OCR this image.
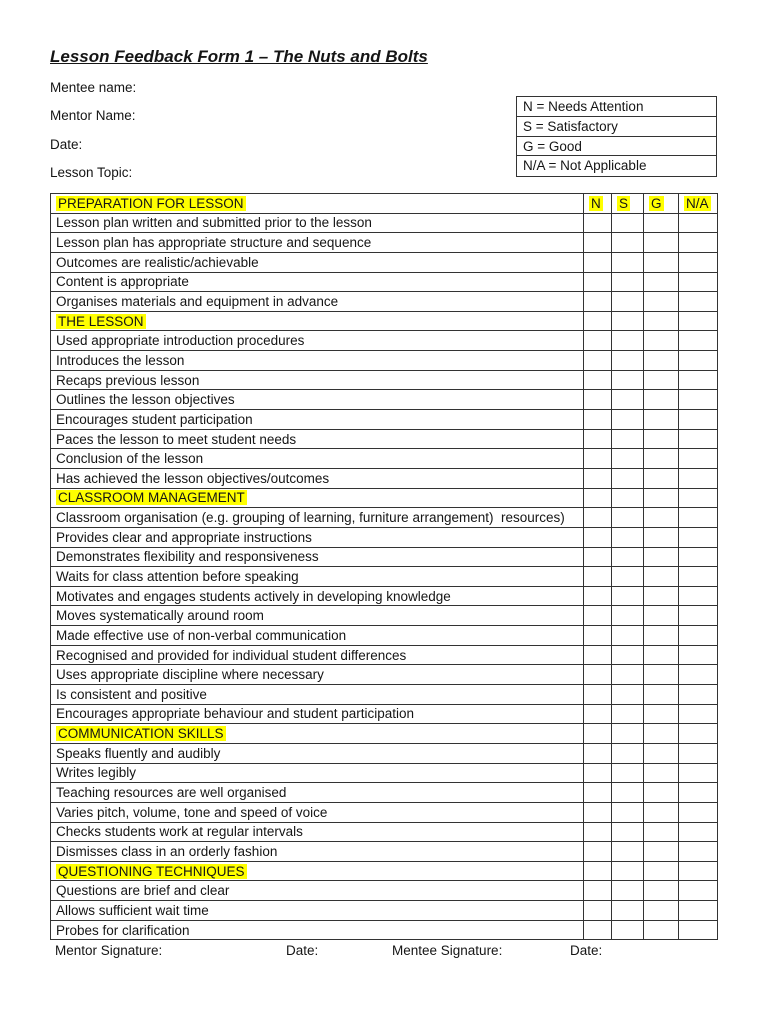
Lesson Feedback Form 1 – The Nuts and Bolts
Mentee name:
Mentor Name:
Date:
Lesson Topic:
N = Needs Attention
S = Satisfactory
G = Good
N/A = Not Applicable
PREPARATION FOR LESSON	N	S	G	N/A
Lesson plan written and submitted prior to the lesson				
Lesson plan has appropriate structure and sequence				
Outcomes are realistic/achievable				
Content is appropriate				
Organises materials and equipment in advance				
THE LESSON				
Used appropriate introduction procedures				
Introduces the lesson				
Recaps previous lesson				
Outlines the lesson objectives				
Encourages student participation				
Paces the lesson to meet student needs				
Conclusion of the lesson				
Has achieved the lesson objectives/outcomes				
CLASSROOM MANAGEMENT				
Classroom organisation (e.g. grouping of learning, furniture arrangement)  resources)				
Provides clear and appropriate instructions				
Demonstrates flexibility and responsiveness				
Waits for class attention before speaking				
Motivates and engages students actively in developing knowledge				
Moves systematically around room				
Made effective use of non-verbal communication				
Recognised and provided for individual student differences				
Uses appropriate discipline where necessary				
Is consistent and positive				
Encourages appropriate behaviour and student participation				
COMMUNICATION SKILLS				
Speaks fluently and audibly				
Writes legibly				
Teaching resources are well organised				
Varies pitch, volume, tone and speed of voice				
Checks students work at regular intervals				
Dismisses class in an orderly fashion				
QUESTIONING TECHNIQUES				
Questions are brief and clear				
Allows sufficient wait time				
Probes for clarification				
Mentor Signature:	Date:	Mentee Signature:	Date:
